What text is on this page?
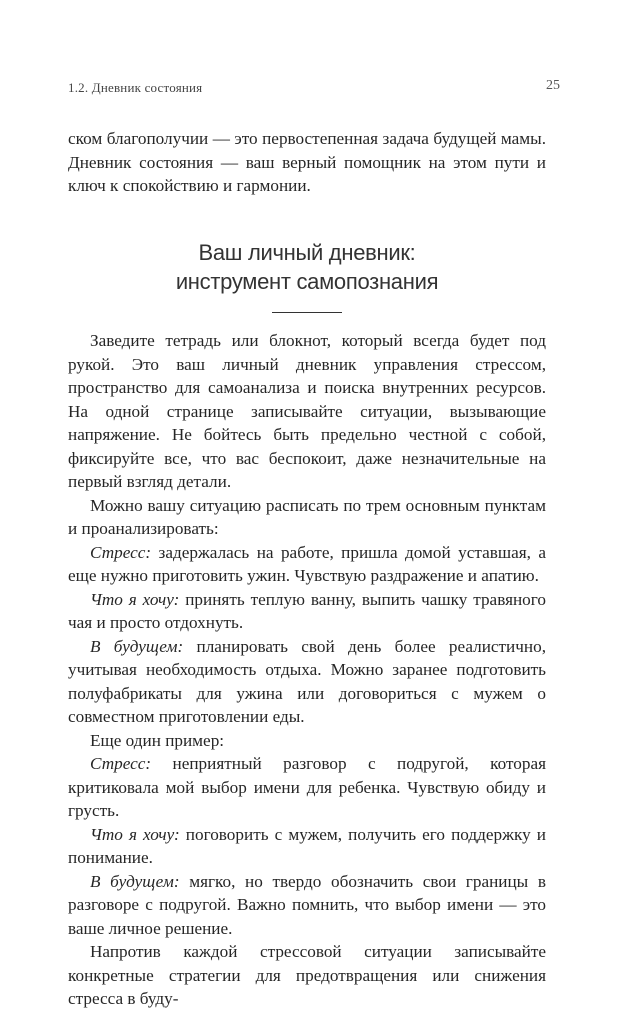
1.2. Дневник состояния	25

ском благополучии — это первостепенная задача будущей мамы. Дневник состояния — ваш верный помощник на этом пути и ключ к спокойствию и гармонии.

Ваш личный дневник:
инструмент самопознания

Заведите тетрадь или блокнот, который всегда будет под рукой. Это ваш личный дневник управления стрессом, пространство для самоанализа и поиска внутренних ресурсов. На одной странице записывайте ситуации, вызывающие напряжение. Не бойтесь быть предельно честной с собой, фиксируйте все, что вас беспокоит, даже незначительные на первый взгляд детали.

Можно вашу ситуацию расписать по трем основным пунктам и проанализировать:

Стресс: задержалась на работе, пришла домой уставшая, а еще нужно приготовить ужин. Чувствую раздражение и апатию.

Что я хочу: принять теплую ванну, выпить чашку травяного чая и просто отдохнуть.

В будущем: планировать свой день более реалистично, учитывая необходимость отдыха. Можно заранее подготовить полуфабрикаты для ужина или договориться с мужем о совместном приготовлении еды.

Еще один пример:

Стресс: неприятный разговор с подругой, которая критиковала мой выбор имени для ребенка. Чувствую обиду и грусть.

Что я хочу: поговорить с мужем, получить его поддержку и понимание.

В будущем: мягко, но твердо обозначить свои границы в разговоре с подругой. Важно помнить, что выбор имени — это ваше личное решение.

Напротив каждой стрессовой ситуации записывайте конкретные стратегии для предотвращения или снижения стресса в буду-
